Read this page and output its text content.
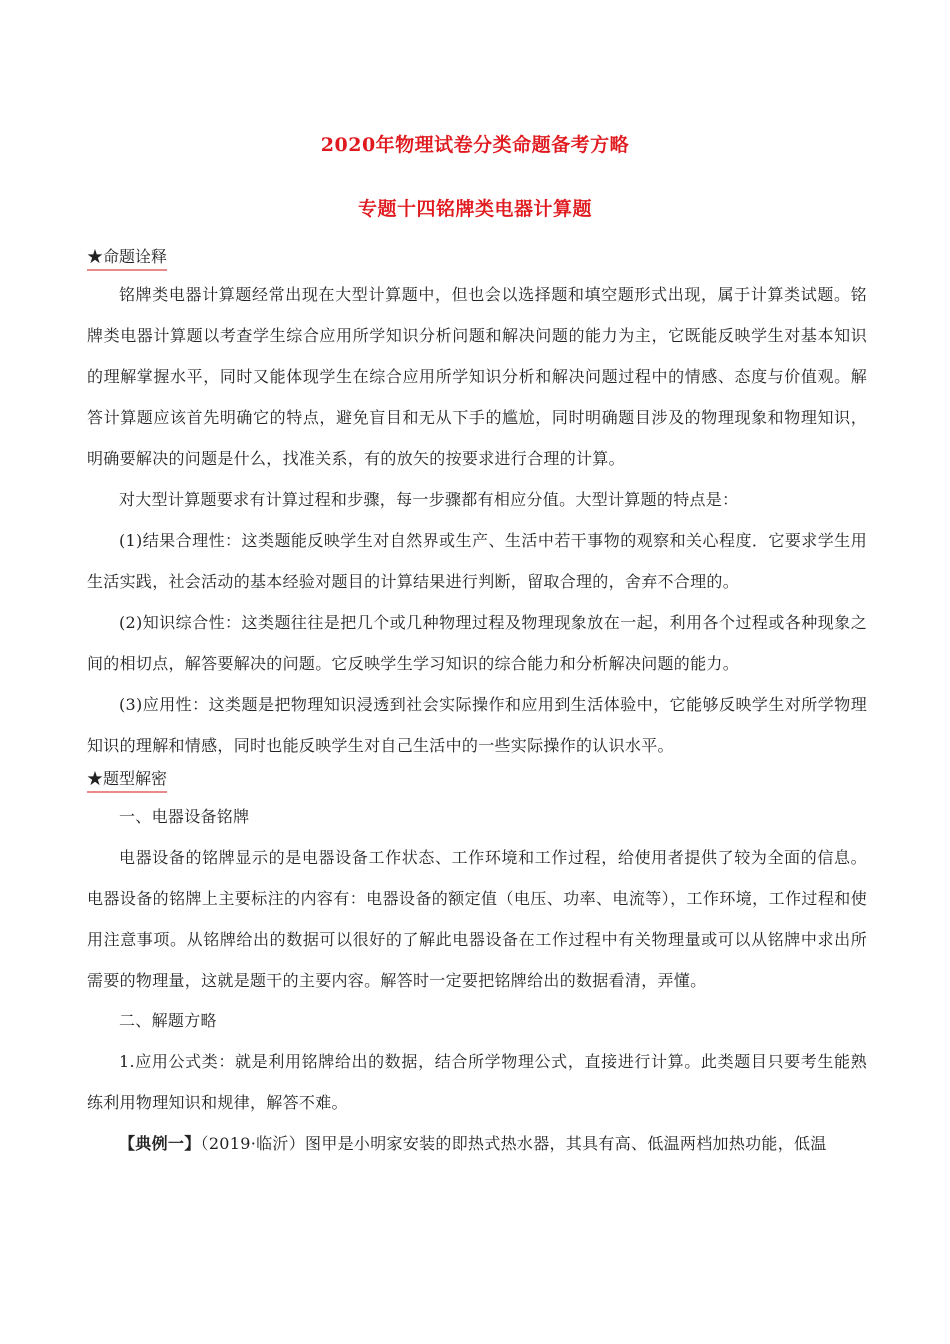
2020年物理试卷分类命题备考方略
专题十四铭牌类电器计算题
★命题诠释

铭牌类电器计算题经常出现在大型计算题中，但也会以选择题和填空题形式出现，属于计算类试题。铭牌类电器计算题以考查学生综合应用所学知识分析问题和解决问题的能力为主，它既能反映学生对基本知识的理解掌握水平，同时又能体现学生在综合应用所学知识分析和解决问题过程中的情感、态度与价值观。解答计算题应该首先明确它的特点，避免盲目和无从下手的尴尬，同时明确题目涉及的物理现象和物理知识，明确要解决的问题是什么，找准关系，有的放矢的按要求进行合理的计算。

对大型计算题要求有计算过程和步骤，每一步骤都有相应分值。大型计算题的特点是：

(1)结果合理性：这类题能反映学生对自然界或生产、生活中若干事物的观察和关心程度．它要求学生用生活实践，社会活动的基本经验对题目的计算结果进行判断，留取合理的，舍弃不合理的。

(2)知识综合性：这类题往往是把几个或几种物理过程及物理现象放在一起，利用各个过程或各种现象之间的相切点，解答要解决的问题。它反映学生学习知识的综合能力和分析解决问题的能力。

(3)应用性：这类题是把物理知识浸透到社会实际操作和应用到生活体验中，它能够反映学生对所学物理知识的理解和情感，同时也能反映学生对自己生活中的一些实际操作的认识水平。

★题型解密

一、电器设备铭牌

电器设备的铭牌显示的是电器设备工作状态、工作环境和工作过程，给使用者提供了较为全面的信息。电器设备的铭牌上主要标注的内容有：电器设备的额定值（电压、功率、电流等），工作环境，工作过程和使用注意事项。从铭牌给出的数据可以很好的了解此电器设备在工作过程中有关物理量或可以从铭牌中求出所需要的物理量，这就是题干的主要内容。解答时一定要把铭牌给出的数据看清，弄懂。

二、解题方略

1.应用公式类：就是利用铭牌给出的数据，结合所学物理公式，直接进行计算。此类题目只要考生能熟练利用物理知识和规律，解答不难。

【典例一】（2019·临沂）图甲是小明家安装的即热式热水器，其具有高、低温两档加热功能，低温
